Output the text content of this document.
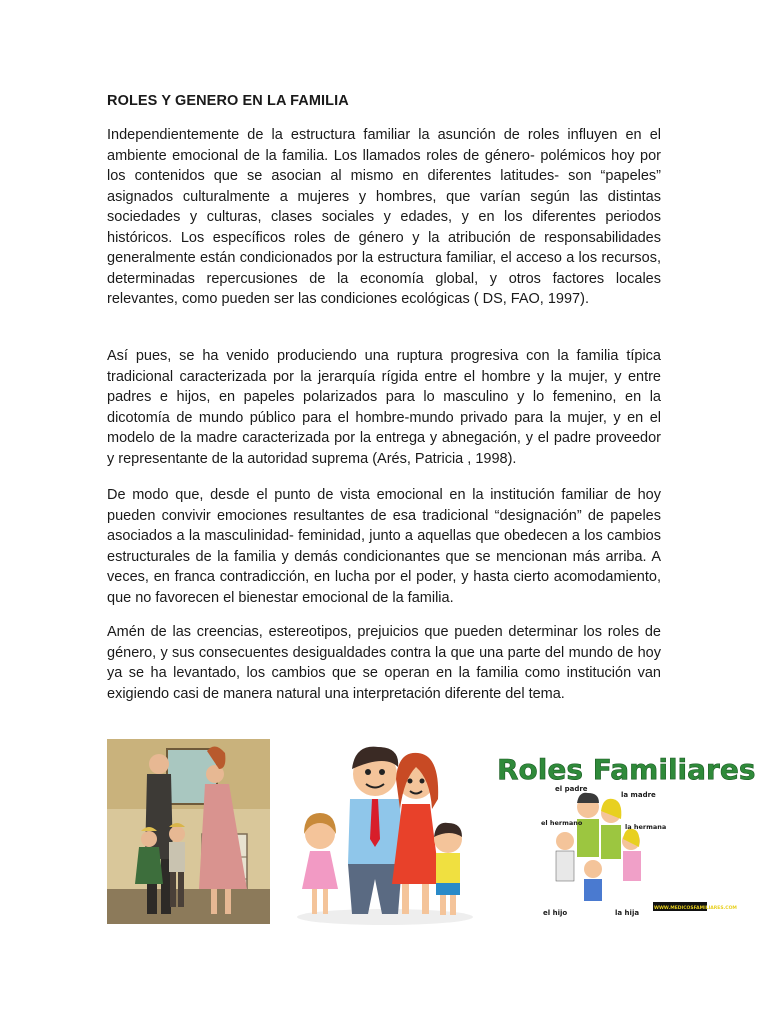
ROLES Y GENERO EN LA FAMILIA

Independientemente de la estructura familiar la asunción de roles influyen en el ambiente emocional de la familia. Los llamados roles de género- polémicos hoy por los contenidos que se asocian al mismo en diferentes latitudes- son “papeles” asignados culturalmente a mujeres y hombres, que varían según las distintas sociedades y culturas, clases sociales y edades, y en los diferentes periodos históricos. Los específicos roles de género y la atribución de responsabilidades generalmente están condicionados por la estructura familiar, el acceso a los recursos, determinadas repercusiones de la economía global, y otros factores locales relevantes, como pueden ser las condiciones ecológicas ( DS, FAO, 1997).

Así pues, se ha venido produciendo una ruptura progresiva con la familia típica tradicional caracterizada por la jerarquía rígida entre el hombre y la mujer, y entre padres e hijos, en papeles polarizados para lo masculino y lo femenino, en la dicotomía de mundo público para el hombre-mundo privado para la mujer, y en el modelo de la madre caracterizada por la entrega y abnegación, y el padre proveedor y representante de la autoridad suprema (Arés, Patricia , 1998).

De modo que, desde el punto de vista emocional en la institución familiar de hoy pueden convivir emociones resultantes de esa tradicional “designación” de papeles asociados a la masculinidad- feminidad, junto a aquellas que obedecen a los cambios estructurales de la familia y demás condicionantes que se mencionan más arriba. A veces, en franca contradicción, en lucha por el poder, y hasta cierto acomodamiento, que no favorecen el bienestar emocional de la familia.

Amén de las creencias, estereotipos, prejuicios que pueden determinar los roles de género, y sus consecuentes desigualdades contra la que una parte del mundo de hoy ya se ha levantado, los cambios que se operan en la familia como institución van exigiendo casi de manera natural una interpretación diferente del tema.

Roles Familiares
el padre
la madre
el hermano	la hermana
el hijo	la hija
WWW.MEDICOSFAMILIARES.COM
